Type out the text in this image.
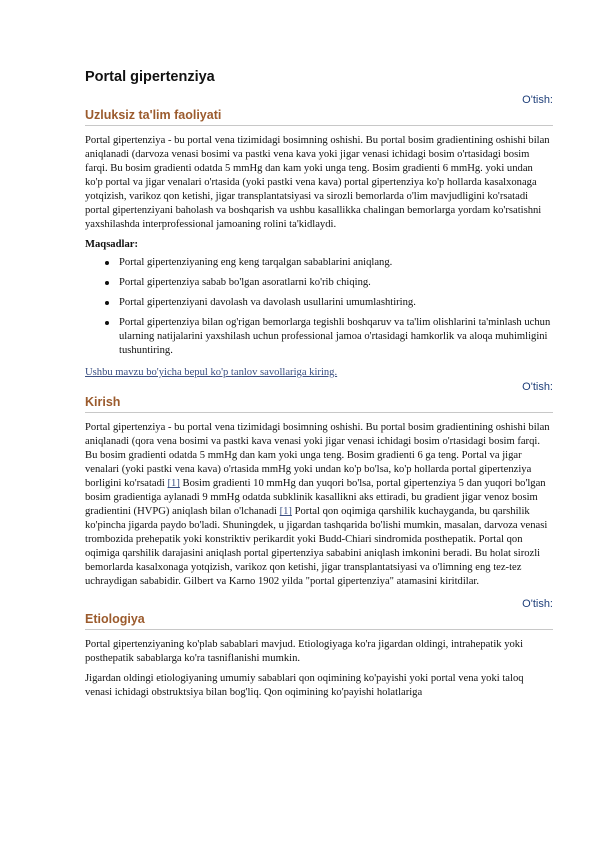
Portal gipertenziya
O'tish:
Uzluksiz ta'lim faoliyati

Portal gipertenziya - bu portal vena tizimidagi bosimning oshishi. Bu portal bosim gradientining oshishi bilan aniqlanadi (darvoza venasi bosimi va pastki vena kava yoki jigar venasi ichidagi bosim o'rtasidagi bosim farqi. Bu bosim gradienti odatda 5 mmHg dan kam yoki unga teng. Bosim gradienti 6 mmHg. yoki undan ko'p portal va jigar venalari o'rtasida (yoki pastki vena kava) portal gipertenziya ko'p hollarda kasalxonaga yotqizish, varikoz qon ketishi, jigar transplantatsiyasi va sirozli bemorlarda o'lim mavjudligini ko'rsatadi portal gipertenziyani baholash va boshqarish va ushbu kasallikka chalingan bemorlarga yordam ko'rsatishni yaxshilashda interprofessional jamoaning rolini ta'kidlaydi.

Maqsadlar:
Portal gipertenziyaning eng keng tarqalgan sabablarini aniqlang.
Portal gipertenziya sabab bo'lgan asoratlarni ko'rib chiqing.
Portal gipertenziyani davolash va davolash usullarini umumlashtiring.
Portal gipertenziya bilan og'rigan bemorlarga tegishli boshqaruv va ta'lim olishlarini ta'minlash uchun ularning natijalarini yaxshilash uchun professional jamoa o'rtasidagi hamkorlik va aloqa muhimligini tushuntiring.
Ushbu mavzu bo'yicha bepul ko'p tanlov savollariga kiring.
O'tish:
Kirish

Portal gipertenziya - bu portal vena tizimidagi bosimning oshishi. Bu portal bosim gradientining oshishi bilan aniqlanadi (qora vena bosimi va pastki kava venasi yoki jigar venasi ichidagi bosim o'rtasidagi bosim farqi. Bu bosim gradienti odatda 5 mmHg dan kam yoki unga teng. Bosim gradienti 6 ga teng. Portal va jigar venalari (yoki pastki vena kava) o'rtasida mmHg yoki undan ko'p bo'lsa, ko'p hollarda portal gipertenziya borligini ko'rsatadi [1] Bosim gradienti 10 mmHg dan yuqori bo'lsa, portal gipertenziya 5 dan yuqori bo'lgan bosim gradientiga aylanadi 9 mmHg odatda subklinik kasallikni aks ettiradi, bu gradient jigar venoz bosim gradientini (HVPG) aniqlash bilan o'lchanadi [1] Portal qon oqimiga qarshilik kuchayganda, bu qarshilik ko'pincha jigarda paydo bo'ladi. Shuningdek, u jigardan tashqarida bo'lishi mumkin, masalan, darvoza venasi trombozida prehepatik yoki konstriktiv perikardit yoki Budd-Chiari sindromida posthepatik. Portal qon oqimiga qarshilik darajasini aniqlash portal gipertenziya sababini aniqlash imkonini beradi. Bu holat sirozli bemorlarda kasalxonaga yotqizish, varikoz qon ketishi, jigar transplantatsiyasi va o'limning eng tez-tez uchraydigan sababidir. Gilbert va Karno 1902 yilda "portal gipertenziya" atamasini kiritdilar.

O'tish:
Etiologiya

Portal gipertenziyaning ko'plab sabablari mavjud. Etiologiyaga ko'ra jigardan oldingi, intrahepatik yoki posthepatik sabablarga ko'ra tasniflanishi mumkin.

Jigardan oldingi etiologiyaning umumiy sabablari qon oqimining ko'payishi yoki portal vena yoki taloq venasi ichidagi obstruktsiya bilan bog'liq. Qon oqimining ko'payishi holatlariga
